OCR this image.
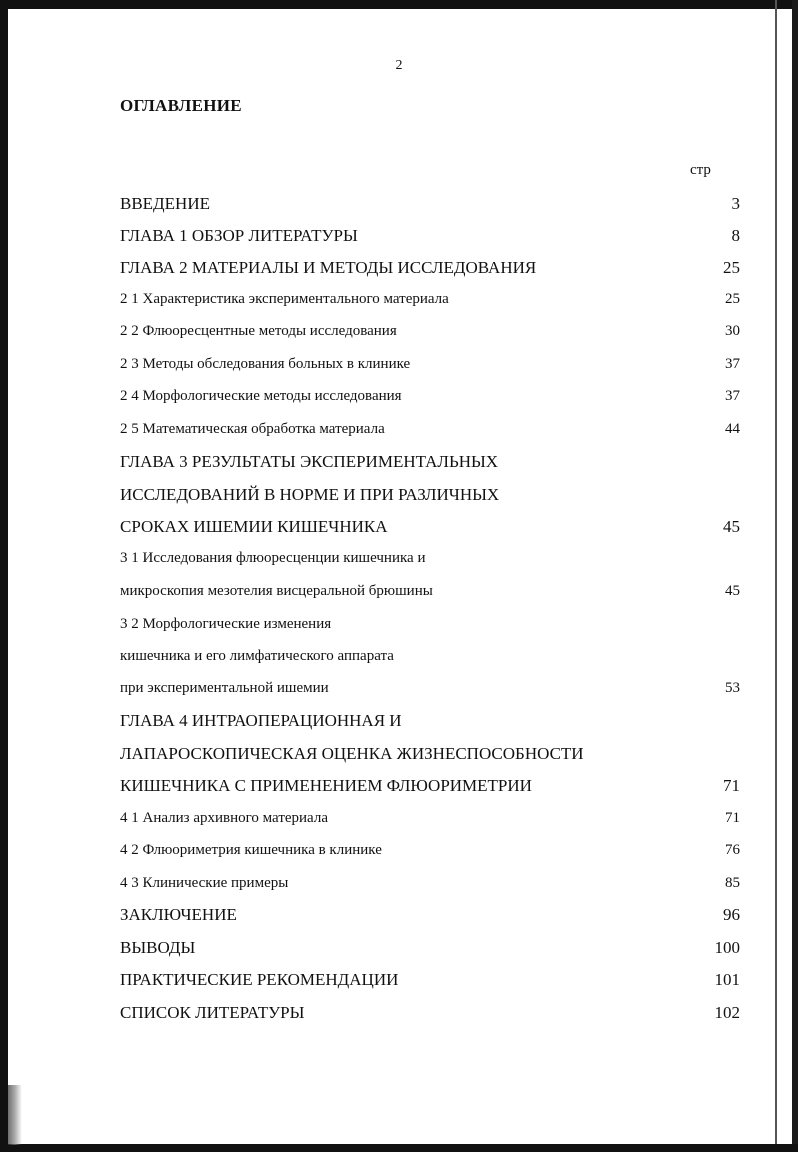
2
ОГЛАВЛЕНИЕ
стр
ВВЕДЕНИЕ	3
ГЛАВА 1 ОБЗОР ЛИТЕРАТУРЫ	8
ГЛАВА 2 МАТЕРИАЛЫ И МЕТОДЫ ИССЛЕДОВАНИЯ	25
2 1 Характеристика экспериментального материала	25
2 2 Флюоресцентные методы исследования	30
2 3 Методы обследования больных в клинике	37
2 4 Морфологические методы исследования	37
2 5 Математическая обработка материала	44
ГЛАВА 3 РЕЗУЛЬТАТЫ ЭКСПЕРИМЕНТАЛЬНЫХ
ИССЛЕДОВАНИЙ В НОРМЕ И ПРИ РАЗЛИЧНЫХ
СРОКАХ ИШЕМИИ КИШЕЧНИКА	45
3 1 Исследования флюоресценции кишечника и
микроскопия мезотелия висцеральной брюшины	45
3 2 Морфологические изменения
кишечника и его лимфатического аппарата
при экспериментальной ишемии	53
ГЛАВА 4 ИНТРАОПЕРАЦИОННАЯ И
ЛАПАРОСКОПИЧЕСКАЯ ОЦЕНКА ЖИЗНЕСПОСОБНОСТИ
КИШЕЧНИКА С ПРИМЕНЕНИЕМ ФЛЮОРИМЕТРИИ	71
4 1 Анализ архивного материала	71
4 2 Флюориметрия кишечника в клинике	76
4 3 Клинические примеры	85
ЗАКЛЮЧЕНИЕ	96
ВЫВОДЫ	100
ПРАКТИЧЕСКИЕ РЕКОМЕНДАЦИИ	101
СПИСОК ЛИТЕРАТУРЫ	102
